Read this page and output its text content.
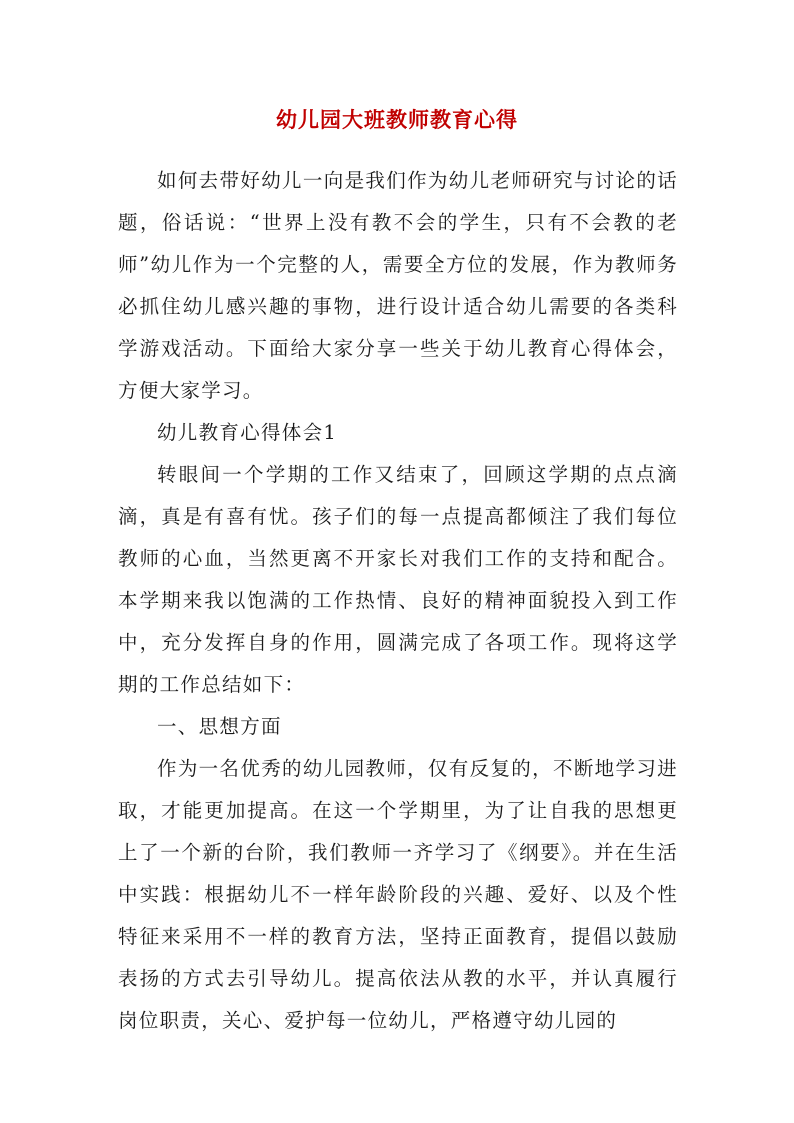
幼儿园大班教师教育心得

如何去带好幼儿一向是我们作为幼儿老师研究与讨论的话题，俗话说：“世界上没有教不会的学生，只有不会教的老师”幼儿作为一个完整的人，需要全方位的发展，作为教师务必抓住幼儿感兴趣的事物，进行设计适合幼儿需要的各类科学游戏活动。下面给大家分享一些关于幼儿教育心得体会，方便大家学习。

幼儿教育心得体会1

转眼间一个学期的工作又结束了，回顾这学期的点点滴滴，真是有喜有忧。孩子们的每一点提高都倾注了我们每位教师的心血，当然更离不开家长对我们工作的支持和配合。本学期来我以饱满的工作热情、良好的精神面貌投入到工作中，充分发挥自身的作用，圆满完成了各项工作。现将这学期的工作总结如下：

一、思想方面

作为一名优秀的幼儿园教师，仅有反复的，不断地学习进取，才能更加提高。在这一个学期里，为了让自我的思想更上了一个新的台阶，我们教师一齐学习了《纲要》。并在生活中实践：根据幼儿不一样年龄阶段的兴趣、爱好、以及个性特征来采用不一样的教育方法，坚持正面教育，提倡以鼓励表扬的方式去引导幼儿。提高依法从教的水平，并认真履行岗位职责，关心、爱护每一位幼儿，严格遵守幼儿园的
